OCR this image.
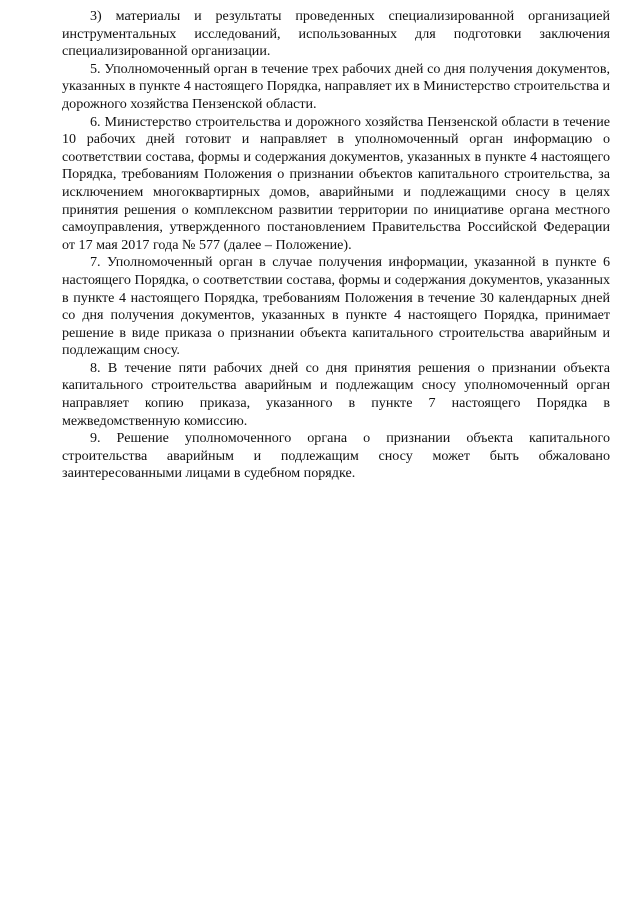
3) материалы и результаты проведенных специализированной организацией инструментальных исследований, использованных для подготовки заключения специализированной организации.

5. Уполномоченный орган в течение трех рабочих дней со дня получения документов, указанных в пункте 4 настоящего Порядка, направляет их в Министерство строительства и дорожного хозяйства Пензенской области.

6. Министерство строительства и дорожного хозяйства Пензенской области в течение 10 рабочих дней готовит и направляет в уполномоченный орган информацию о соответствии состава, формы и содержания документов, указанных в пункте 4 настоящего Порядка, требованиям Положения о признании объектов капитального строительства, за исключением многоквартирных домов, аварийными и подлежащими сносу в целях принятия решения о комплексном развитии территории по инициативе органа местного самоуправления, утвержденного постановлением Правительства Российской Федерации от 17 мая 2017 года № 577 (далее – Положение).

7. Уполномоченный орган в случае получения информации, указанной в пункте 6 настоящего Порядка, о соответствии состава, формы и содержания документов, указанных в пункте 4 настоящего Порядка, требованиям Положения в течение 30 календарных дней со дня получения документов, указанных в пункте 4 настоящего Порядка, принимает решение в виде приказа о признании объекта капитального строительства аварийным и подлежащим сносу.

8. В течение пяти рабочих дней со дня принятия решения о признании объекта капитального строительства аварийным и подлежащим сносу уполномоченный орган направляет копию приказа, указанного в пункте 7 настоящего Порядка в межведомственную комиссию.

9. Решение уполномоченного органа о признании объекта капитального строительства аварийным и подлежащим сносу может быть обжаловано заинтересованными лицами в судебном порядке.
